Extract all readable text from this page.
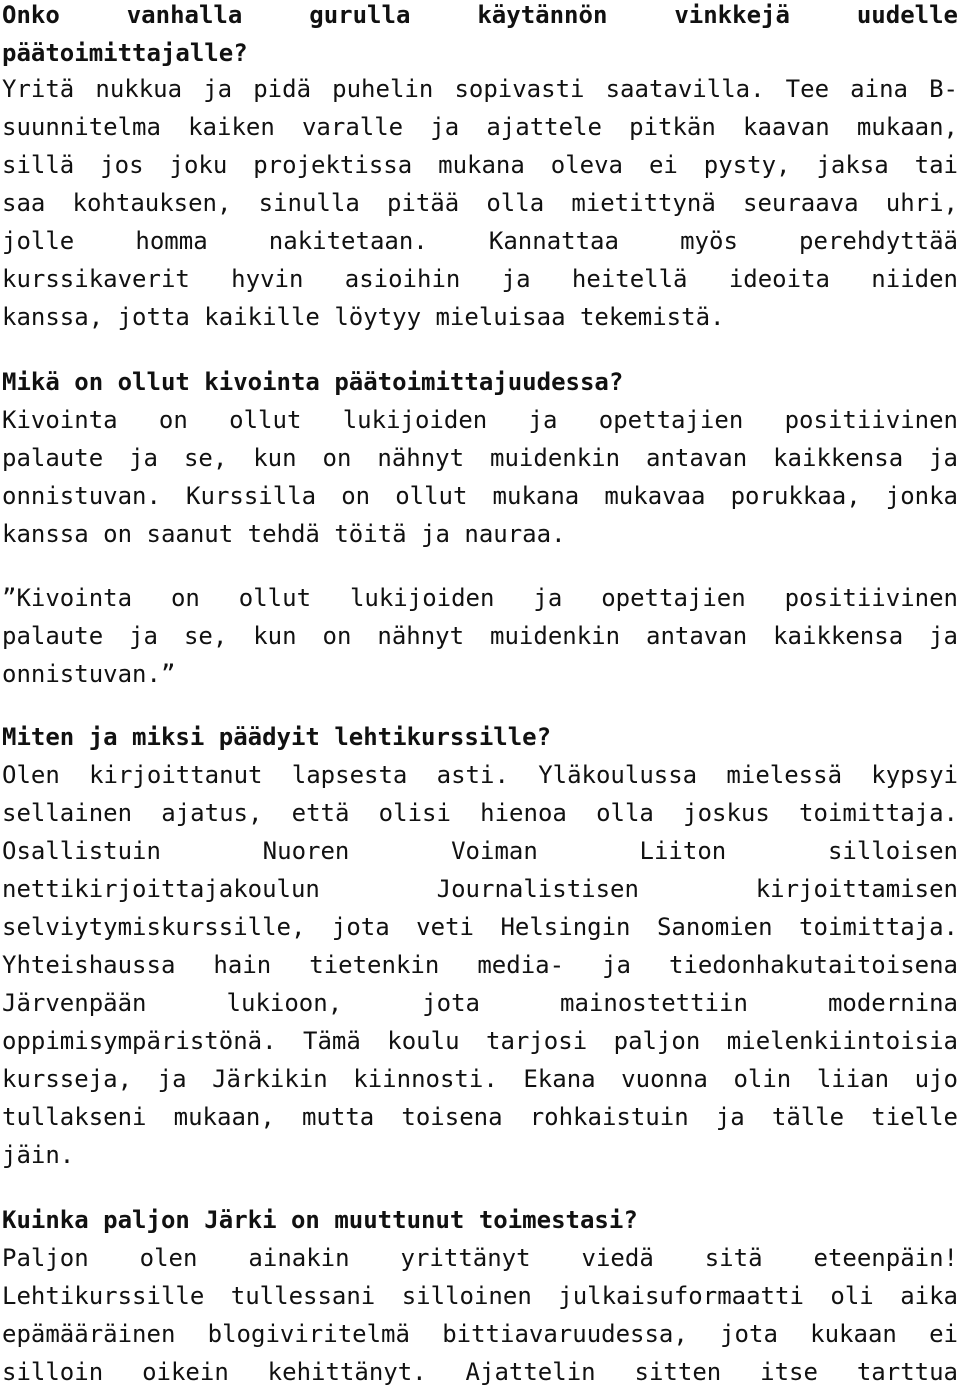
Onko vanhalla gurulla käytännön vinkkejä uudelle
päätoimittajalle?
Yritä nukkua ja pidä puhelin sopivasti saatavilla. Tee aina B-
suunnitelma kaiken varalle ja ajattele pitkän kaavan mukaan,
sillä jos joku projektissa mukana oleva ei pysty, jaksa tai
saa kohtauksen, sinulla pitää olla mietittynä seuraava uhri,
jolle homma nakitetaan. Kannattaa myös perehdyttää
kurssikaverit hyvin asioihin ja heitellä ideoita niiden
kanssa, jotta kaikille löytyy mieluisaa tekemistä.
Mikä on ollut kivointa päätoimittajuudessa?
Kivointa on ollut lukijoiden ja opettajien positiivinen
palaute ja se, kun on nähnyt muidenkin antavan kaikkensa ja
onnistuvan. Kurssilla on ollut mukana mukavaa porukkaa, jonka
kanssa on saanut tehdä töitä ja nauraa.
”Kivointa on ollut lukijoiden ja opettajien positiivinen
palaute ja se, kun on nähnyt muidenkin antavan kaikkensa ja
onnistuvan.”
Miten ja miksi päädyit lehtikurssille?
Olen kirjoittanut lapsesta asti. Yläkoulussa mielessä kypsyi
sellainen ajatus, että olisi hienoa olla joskus toimittaja.
Osallistuin Nuoren Voiman Liiton silloisen
nettikirjoittajakoulun Journalistisen kirjoittamisen
selviytymiskurssille, jota veti Helsingin Sanomien toimittaja.
Yhteishaussa hain tietenkin media- ja tiedonhakutaitoisena
Järvenpään lukioon, jota mainostettiin modernina
oppimisympäristönä. Tämä koulu tarjosi paljon mielenkiintoisia
kursseja, ja Järkikin kiinnosti. Ekana vuonna olin liian ujo
tullakseni mukaan, mutta toisena rohkaistuin ja tälle tielle
jäin.
Kuinka paljon Järki on muuttunut toimestasi?
Paljon olen ainakin yrittänyt viedä sitä eteenpäin!
Lehtikurssille tullessani silloinen julkaisuformaatti oli aika
epämääräinen blogiviritelmä bittiavaruudessa, jota kukaan ei
silloin oikein kehittänyt. Ajattelin sitten itse tarttua
